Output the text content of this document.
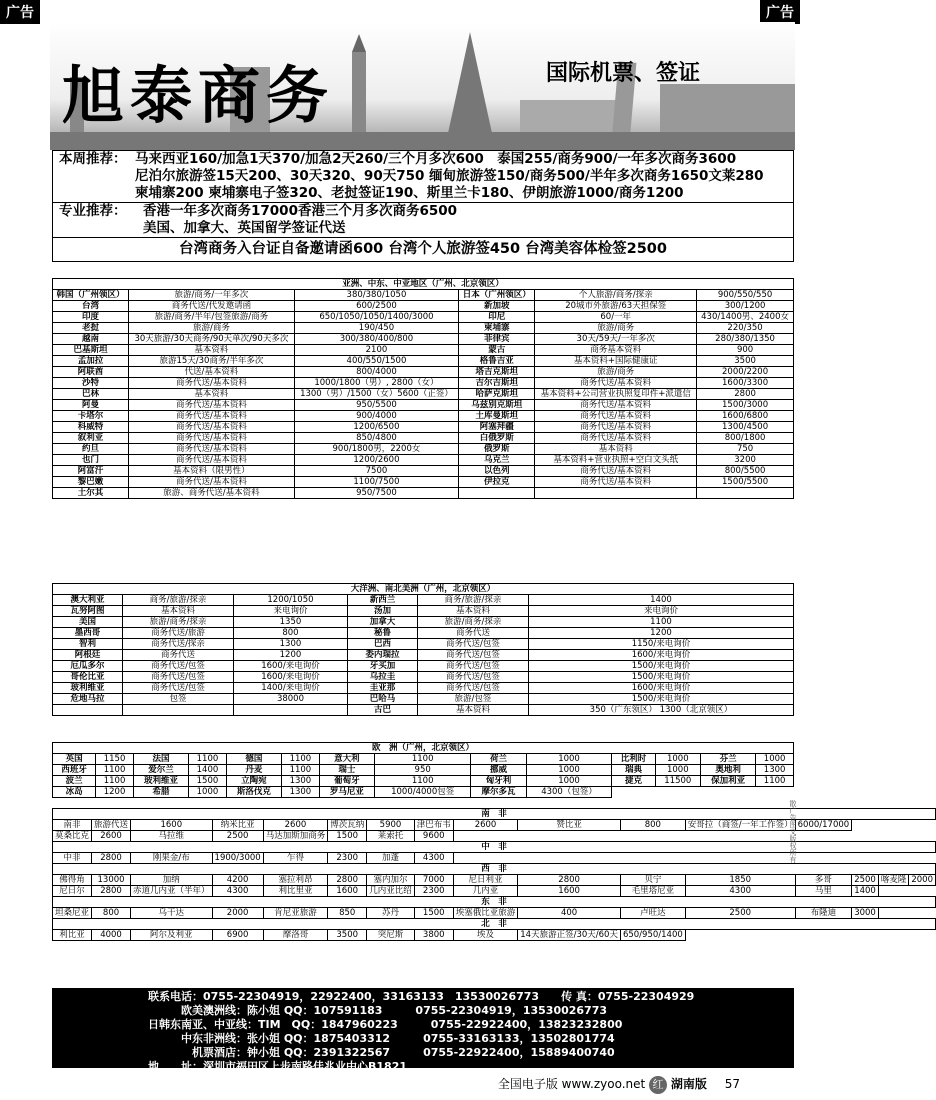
广告	广告
国际机票、签证
旭泰商务
本周推荐： 马来西亚160/加急1天370/加急2天260/三个月多次600　泰国255/商务900/一年多次商务3600
尼泊尔旅游签15天200、30天320、90天750 缅甸旅游签150/商务500/半年多次商务1650文莱280
柬埔寨200 柬埔寨电子签320、老挝签证190、斯里兰卡180、伊朗旅游1000/商务1200
专业推荐： 香港一年多次商务17000香港三个月多次商务6500
美国、加拿大、英国留学签证代送
台湾商务入台证自备邀请函600 台湾个人旅游签450 台湾美容体检签2500
亚洲、中东、中亚地区（广州、北京领区）					
韩国（广州领区）	旅游/商务/一年多次	380/380/1050	日本（广州领区）	个人旅游/商务/探亲	900/550/550
台湾	商务代送/代发邀请函	600/2500	新加坡	20城市外旅游/63天担保签	300/1200
印度	旅游/商务/半年/包签旅游/商务	650/1050/1050/1400/3000	印尼	60/一年	430/1400男、2400女
老挝	旅游/商务	190/450	柬埔寨	旅游/商务	220/350
越南	30天旅游/30天商务/90天单次/90天多次	300/380/400/800	菲律宾	30天/59天/一年多次	280/380/1350
巴基斯坦	基本资料	2100	蒙古	商务基本资料	900
孟加拉	旅游15天/30商务/半年多次	400/550/1500	格鲁吉亚	基本资料+国际健康证	3500
阿联酋	代送/基本资料	800/4000	塔吉克斯坦	旅游/商务	2000/2200
沙特	商务代送/基本资料	1000/1800（男）, 2800（女）	吉尔吉斯坦	商务代送/基本资料	1600/3300
巴林	基本资料	1300（男）/1500（女）5600（正签）	哈萨克斯坦	基本资料+公司营业执照复印件+派遣信	2800
阿曼	商务代送/基本资料	950/5500	乌兹别克斯坦	商务代送/基本资料	1500/3000
卡塔尔	商务代送/基本资料	900/4000	土库曼斯坦	商务代送/基本资料	1600/6800
科威特	商务代送/基本资料	1200/6500	阿塞拜疆	商务代送/基本资料	1300/4500
叙利亚	商务代送/基本资料	850/4800	白俄罗斯	商务代送/基本资料	800/1800
约旦	商务代送/基本资料	900/1800男，2200女	俄罗斯	基本资料	750
也门	商务代送/基本资料	1200/2600	乌克兰	基本资料+营业执照+空白文头纸	3200
阿富汗	基本资料（限男性）	7500	以色列	商务代送/基本资料	800/5500
黎巴嫩	商务代送/基本资料	1100/7500	伊拉克	商务代送/基本资料	1500/5500
土尔其	旅游、商务代送/基本资料	950/7500			
大洋洲、南北美洲（广州，北京领区）					
澳大利亚	商务/旅游/探亲	1200/1050	新西兰	商务/旅游/探亲	1400
瓦努阿图	基本资料	来电询价	汤加	基本资料	来电询价
美国	旅游/商务/探亲	1350	加拿大	旅游/商务/探亲	1100
墨西哥	商务代送/旅游	800	秘鲁	商务代送	1200
智利	商务代送/探亲	1300	巴西	商务代送/包签	1150/来电询价
阿根廷	商务代送	1200	委内瑞拉	商务代送/包签	1600/来电询价
厄瓜多尔	商务代送/包签	1600/来电询价	牙买加	商务代送/包签	1500/来电询价
哥伦比亚	商务代送/包签	1600/来电询价	乌拉圭	商务代送/包签	1500/来电询价
玻利维亚	商务代送/包签	1400/来电询价	圭亚那	商务代送/包签	1600/来电询价
危地马拉	包签	38000	巴哈马	旅游/包签	1500/来电询价
			古巴	基本资料	350（广东领区） 1300（北京领区）
欧　洲（广州，北京领区）													
英国	1150	法国	1100	德国	1100	意大利	1100	荷兰	1000	比利时	1000	芬兰	1000
西班牙	1100	爱尔兰	1400	丹麦	1100	瑞士	950	挪威	1000	瑞典	1000	奥地利	1300
波兰	1100	玻利维亚	1500	立陶宛	1300	葡萄牙	1100	匈牙利	1000	捷克	11500	保加利亚	1100
冰岛	1200	希腊	1000	斯洛伐克	1300	罗马尼亚	1000/4000包签	摩尔多瓦	4300（包签）				
南　非															
南非	旅游代送	1600	纳米比亚	2600	博茨瓦纳	5900	津巴布韦	2600	赞比亚	800	安哥拉（商签/一年工作签）	6000/17000			
莫桑比克	2600	马拉维	2500	马达加斯加商务	1500	莱索托	9600								
中　非															
中非	2800	刚果金/布	1900/3000	乍得	2300	加蓬	4300								
西　非															
佛得角	13000	加纳	4200	塞拉利昂	2800	塞内加尔	7000	尼日利亚	2800	贝宁	1850	多哥	2500	喀麦隆	2000
尼日尔	2800	赤道几内亚（半年）	4300	利比里亚	1600	几内亚比绍	2300	几内亚	1600	毛里塔尼亚	4300	马里	1400		
东　非															
坦桑尼亚	800	乌干达	2000	肯尼亚旅游	850	苏丹	1500	埃塞俄比亚旅游	400	卢旺达	2500	布隆迪	3000		
北　非															
利比亚	4000	阿尔及利亚	6900	摩洛哥	3500	突尼斯	3800	埃及	14天旅游正签/30天/60天	650/950/1400					
联系电话：0755-22304919，22922400，33163133　13530026773　　传 真：0755-22304929
　　　欧美澳洲线：陈小姐 QQ：107591183　　　0755-22304919，13530026773
日韩东南亚、中亚线：TIM　QQ：1847960223　　　0755-22922400，13823232800
　　　中东非洲线：张小姐 QQ：1875403312　　　0755-33163133，13502801774
　　　　机票酒店：钟小姐 QQ：2391322567　　　0755-22922400，15889400740
地　　址：深圳市福田区上步南路佳兆业中心B1821
全国电子版 www.zyoo.net 红 湖南版 57
散广告图文版权所有
